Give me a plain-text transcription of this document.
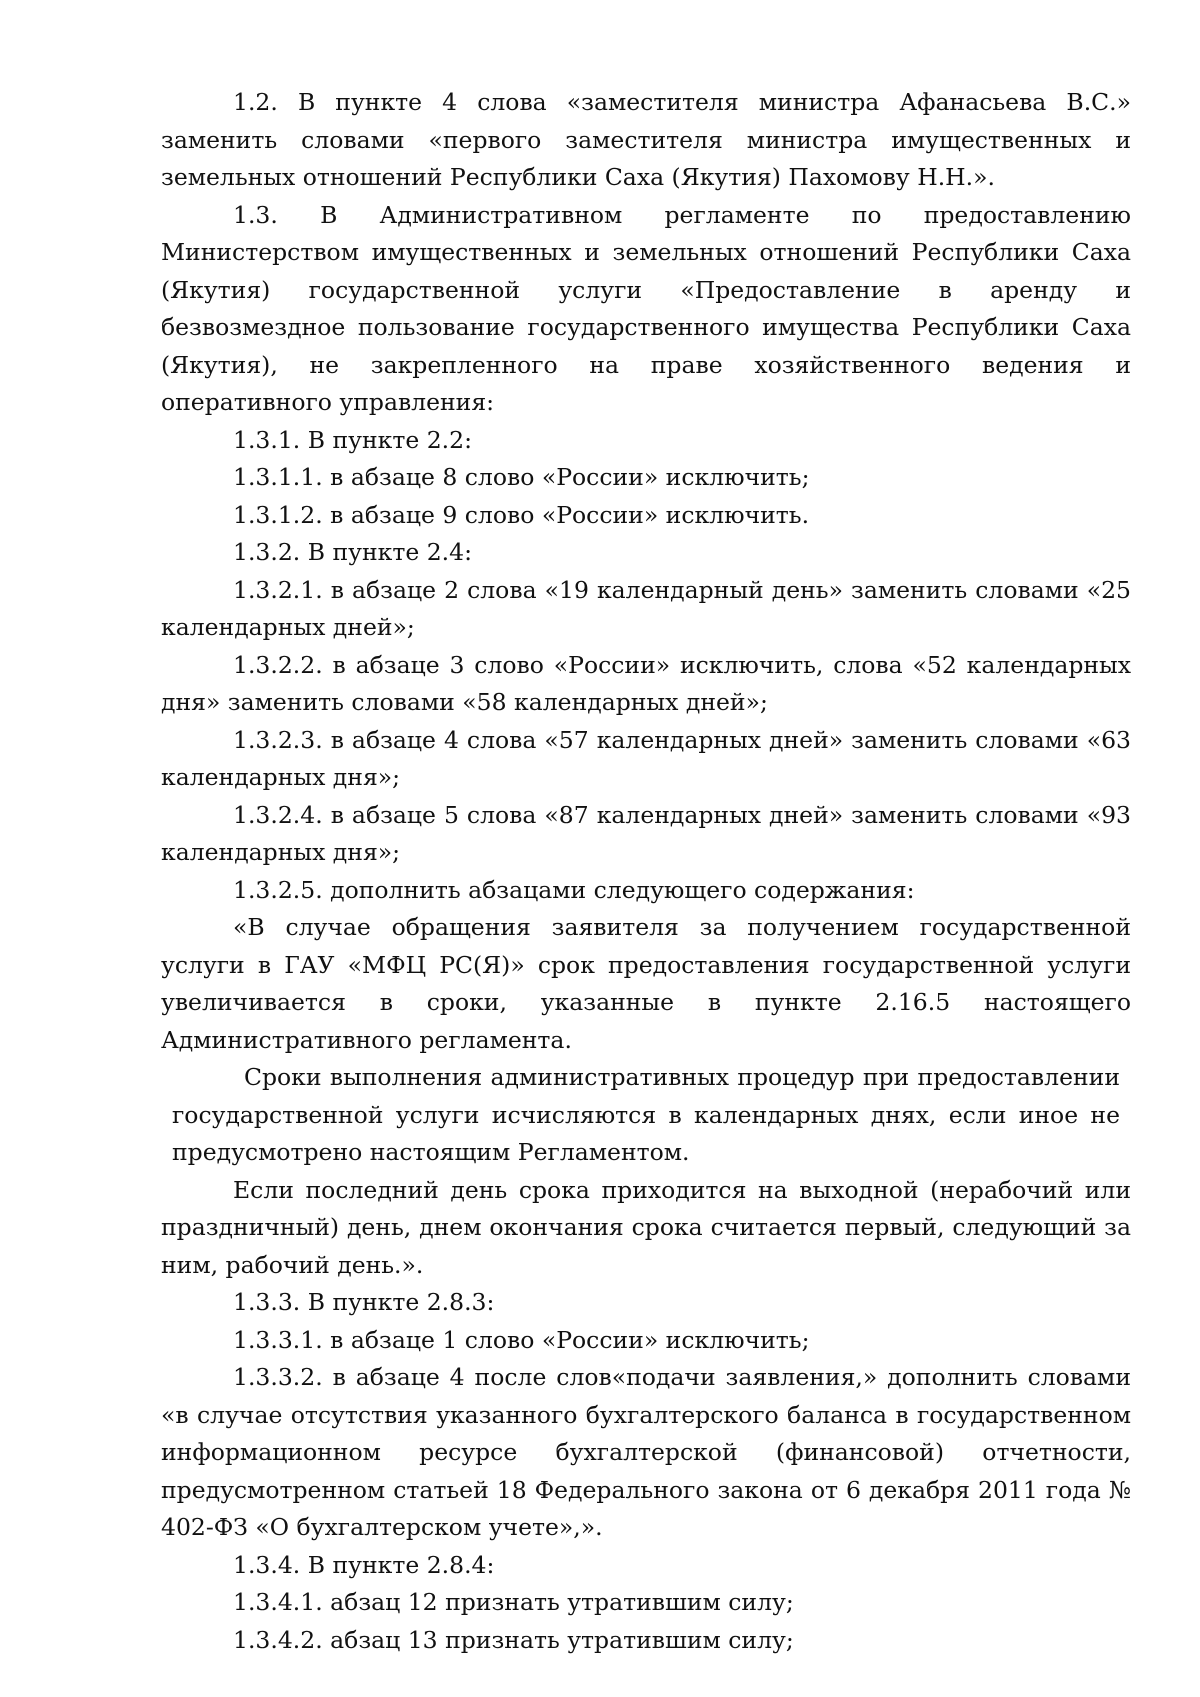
1.2. В пункте 4 слова «заместителя министра Афанасьева В.С.» заменить словами «первого заместителя министра имущественных и земельных отношений Республики Саха (Якутия) Пахомову Н.Н.».

1.3. В Административном регламенте по предоставлению Министерством имущественных и земельных отношений Республики Саха (Якутия) государственной услуги «Предоставление в аренду и безвозмездное пользование государственного имущества Республики Саха (Якутия), не закрепленного на праве хозяйственного ведения и оперативного управления:

1.3.1. В пункте 2.2:

1.3.1.1. в абзаце 8 слово «России» исключить;

1.3.1.2. в абзаце 9 слово «России» исключить.

1.3.2. В пункте 2.4:

1.3.2.1. в абзаце 2 слова «19 календарный день» заменить словами «25 календарных дней»;

1.3.2.2. в абзаце 3 слово «России» исключить, слова «52 календарных дня» заменить словами «58 календарных дней»;

1.3.2.3. в абзаце 4 слова «57 календарных дней» заменить словами «63 календарных дня»;

1.3.2.4. в абзаце 5 слова «87 календарных дней» заменить словами «93 календарных дня»;

1.3.2.5. дополнить абзацами следующего содержания:

«В случае обращения заявителя за получением государственной услуги в ГАУ «МФЦ РС(Я)» срок предоставления государственной услуги увеличивается в сроки, указанные в пункте 2.16.5 настоящего Административного регламента.

Сроки выполнения административных процедур при предоставлении государственной услуги исчисляются в календарных днях, если иное не предусмотрено настоящим Регламентом.

Если последний день срока приходится на выходной (нерабочий или праздничный) день, днем окончания срока считается первый, следующий за ним, рабочий день.».

1.3.3. В пункте 2.8.3:

1.3.3.1. в абзаце 1 слово «России» исключить;

1.3.3.2. в абзаце 4 после слов«подачи заявления,» дополнить словами «в случае отсутствия указанного бухгалтерского баланса в государственном информационном ресурсе бухгалтерской (финансовой) отчетности, предусмотренном статьей 18 Федерального закона от 6 декабря 2011 года № 402-ФЗ «О бухгалтерском учете»,».

1.3.4. В пункте 2.8.4:

1.3.4.1. абзац 12 признать утратившим силу;

1.3.4.2. абзац 13 признать утратившим силу;
